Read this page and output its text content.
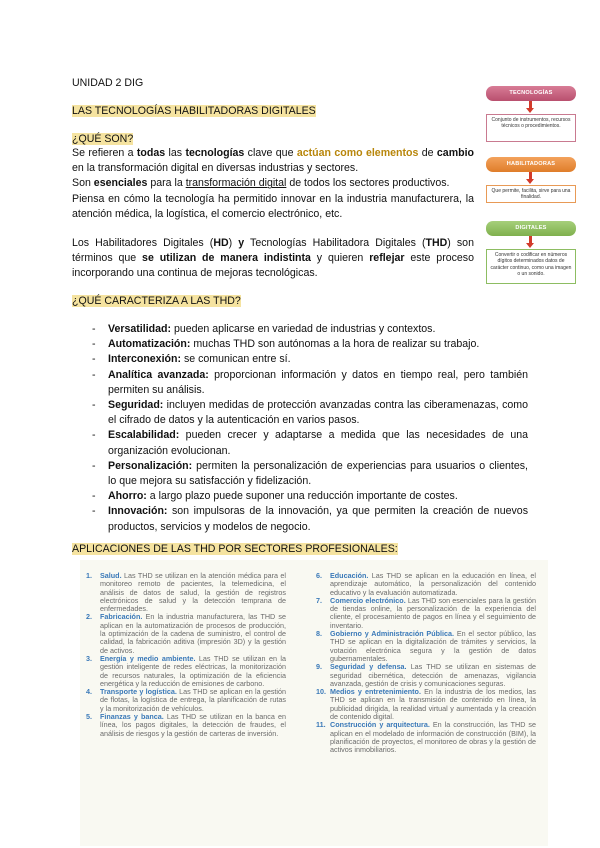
UNIDAD 2 DIG
LAS TECNOLOGÍAS HABILITADORAS DIGITALES
¿QUÉ SON?
Se refieren a todas las tecnologías clave que actúan como elementos de cambio en la transformación digital en diversas industrias y sectores.
Son esenciales para la transformación digital de todos los sectores productivos.
Piensa en cómo la tecnología ha permitido innovar en la industria manufacturera, la atención médica, la logística, el comercio electrónico, etc.
Los Habilitadores Digitales (HD) y Tecnologías Habilitadora Digitales (THD) son términos que se utilizan de manera indistinta y quieren reflejar este proceso incorporando una continua de mejoras tecnológicas.
¿QUÉ CARACTERIZA A LAS THD?
- Versatilidad: pueden aplicarse en variedad de industrias y contextos.
- Automatización: muchas THD son autónomas a la hora de realizar su trabajo.
- Interconexión: se comunican entre sí.
- Analítica avanzada: proporcionan información y datos en tiempo real, pero también permiten su análisis.
- Seguridad: incluyen medidas de protección avanzadas contra las ciberamenazas, como el cifrado de datos y la autenticación en varios pasos.
- Escalabilidad: pueden crecer y adaptarse a medida que las necesidades de una organización evolucionan.
- Personalización: permiten la personalización de experiencias para usuarios o clientes, lo que mejora su satisfacción y fidelización.
- Ahorro: a largo plazo puede suponer una reducción importante de costes.
- Innovación: son impulsoras de la innovación, ya que permiten la creación de nuevos productos, servicios y modelos de negocio.
APLICACIONES DE LAS THD POR SECTORES PROFESIONALES:
TECNOLOGÍAS
Conjunto de instrumentos, recursos técnicos o procedimientos.
HABILITADORAS
Que permite, facilita, sirve para una finalidad.
DIGITALES
Convertir o codificar en números dígitos determinados datos de carácter continuo, como una imagen o un sonido.
1.	Salud. Las THD se utilizan en la atención médica para el monitoreo remoto de pacientes, la telemedicina, el análisis de datos de salud, la gestión de registros electrónicos de salud y la detección temprana de enfermedades.
2.	Fabricación. En la industria manufacturera, las THD se aplican en la automatización de procesos de producción, la optimización de la cadena de suministro, el control de calidad, la fabricación aditiva (impresión 3D) y la gestión de activos.
3.	Energía y medio ambiente. Las THD se utilizan en la gestión inteligente de redes eléctricas, la monitorización de recursos naturales, la optimización de la eficiencia energética y la reducción de emisiones de carbono.
4.	Transporte y logística. Las THD se aplican en la gestión de flotas, la logística de entrega, la planificación de rutas y la monitorización de vehículos.
5.	Finanzas y banca. Las THD se utilizan en la banca en línea, los pagos digitales, la detección de fraudes, el análisis de riesgos y la gestión de carteras de inversión.
6.	Educación. Las THD se aplican en la educación en línea, el aprendizaje automático, la personalización del contenido educativo y la evaluación automatizada.
7.	Comercio electrónico. Las THD son esenciales para la gestión de tiendas online, la personalización de la experiencia del cliente, el procesamiento de pagos en línea y el seguimiento de inventario.
8.	Gobierno y Administración Pública. En el sector público, las THD se aplican en la digitalización de trámites y servicios, la votación electrónica segura y la gestión de datos gubernamentales.
9.	Seguridad y defensa. Las THD se utilizan en sistemas de seguridad cibernética, detección de amenazas, vigilancia avanzada, gestión de crisis y comunicaciones seguras.
10. Medios y entretenimiento. En la industria de los medios, las THD se aplican en la transmisión de contenido en línea, la publicidad dirigida, la realidad virtual y aumentada y la creación de contenido digital.
11. Construcción y arquitectura. En la construcción, las THD se aplican en el modelado de información de construcción (BIM), la planificación de proyectos, el monitoreo de obras y la gestión de activos inmobiliarios.
